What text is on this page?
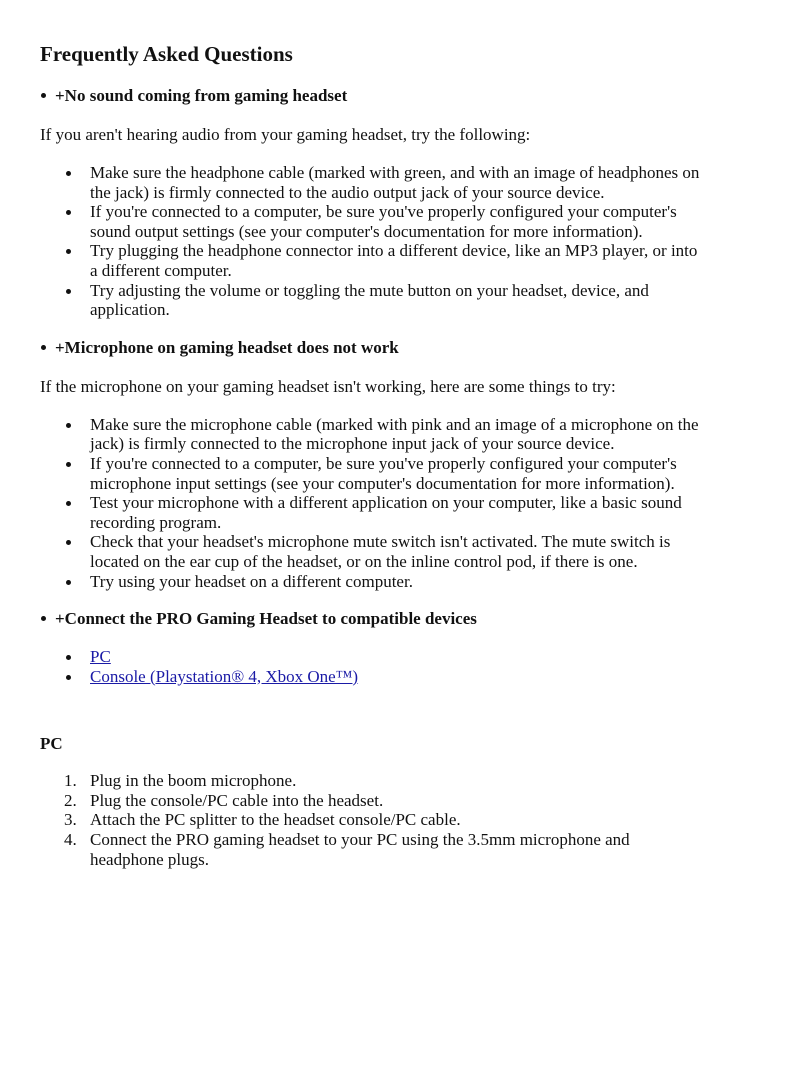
Frequently Asked Questions
+No sound coming from gaming headset

If you aren't hearing audio from your gaming headset, try the following:

Make sure the headphone cable (marked with green, and with an image of headphones on the jack) is firmly connected to the audio output jack of your source device.
If you're connected to a computer, be sure you've properly configured your computer's sound output settings (see your computer's documentation for more information).
Try plugging the headphone connector into a different device, like an MP3 player, or into a different computer.
Try adjusting the volume or toggling the mute button on your headset, device, and application.
+Microphone on gaming headset does not work

If the microphone on your gaming headset isn't working, here are some things to try:

Make sure the microphone cable (marked with pink and an image of a microphone on the jack) is firmly connected to the microphone input jack of your source device.
If you're connected to a computer, be sure you've properly configured your computer's microphone input settings (see your computer's documentation for more information).
Test your microphone with a different application on your computer, like a basic sound recording program.
Check that your headset's microphone mute switch isn't activated. The mute switch is located on the ear cup of the headset, or on the inline control pod, if there is one.
Try using your headset on a different computer.
+Connect the PRO Gaming Headset to compatible devices
PC
Console (Playstation® 4, Xbox One™)
PC
1. Plug in the boom microphone.
2. Plug the console/PC cable into the headset.
3. Attach the PC splitter to the headset console/PC cable.
4. Connect the PRO gaming headset to your PC using the 3.5mm microphone and headphone plugs.
